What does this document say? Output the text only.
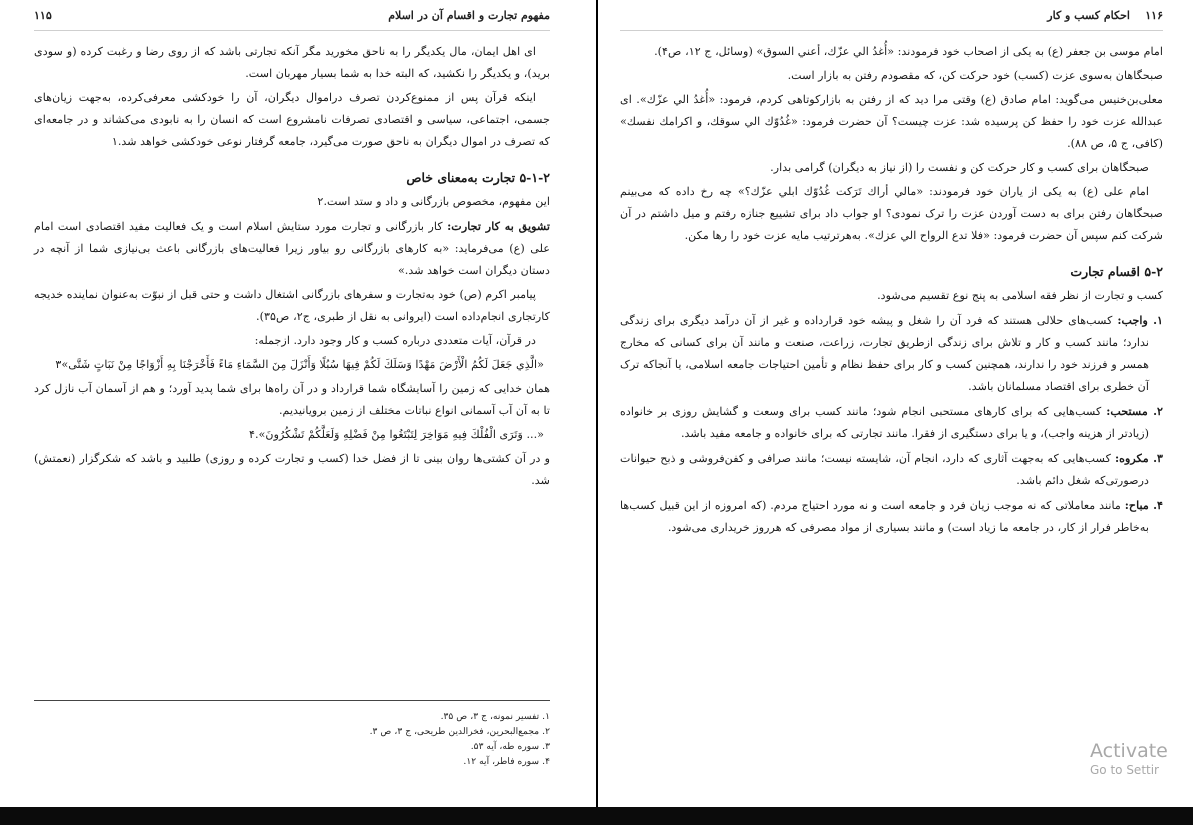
مفهوم تجارت و اقسام آن در اسلام
۱۱۵

ای اهل ایمان، مال یکدیگر را به ناحق مخورید مگر آنکه تجارتی باشد که از روی رضا و رغبت کرده (و سودی برید)، و یکدیگر را نکشید، که البته خدا به شما بسیار مهربان است.

اینکه قرآن پس از ممنوع‌کردن تصرف دراموال دیگران، آن را خودکشی معرفی‌کرده، به‌جهت زیان‌های جسمی، اجتماعی، سیاسی و اقتصادی تصرفات نامشروع است که انسان را به نابودی می‌کشاند و در جامعه‌ای که تصرف در اموال دیگران به ناحق صورت می‌گیرد، جامعه گرفتار نوعی خودکشی خواهد شد.۱

۵-۱-۲ تجارت به‌معنای خاص

این مفهوم، مخصوص بازرگانی و داد و ستد است.۲

تشویق به کار تجارت: کار بازرگانی و تجارت مورد ستایش اسلام است و یک فعالیت مفید اقتصادی است امام علی (ع) می‌فرماید: «به کارهای بازرگانی رو بیاور زیرا فعالیت‌های بازرگانی باعث بی‌نیازی شما از آنچه در دستان دیگران است خواهد شد.»

پیامبر اکرم (ص) خود به‌تجارت و سفرهای بازرگانی اشتغال داشت و حتی قبل از نبوّت به‌عنوان نماینده خدیجه کارتجاری انجام‌داده است (ایروانی به نقل از طبری، ج۲، ص۳۵).

در قرآن، آیات متعددی درباره کسب و کار وجود دارد. ازجمله:

«الَّذِي جَعَلَ لَكُمُ الْأَرْضَ مَهْدًا وَسَلَكَ لَكُمْ فِيهَا سُبُلًا وَأَنْزَلَ مِنَ السَّمَاءِ مَاءً فَأَخْرَجْنَا بِهِ أَزْوَاجًا مِنْ نَبَاتٍ شَتَّى»۳

همان خدایی که زمین را آسایشگاه شما قرارداد و در آن راه‌ها برای شما پدید آورد؛ و هم از آسمان آب نازل کرد تا به آن آب آسمانی انواع نباتات مختلف از زمین برویانیدیم.

«... وَتَرَى الْفُلْكَ فِيهِ مَوَاخِرَ لِتَبْتَغُوا مِنْ فَضْلِهِ وَلَعَلَّكُمْ تَشْكُرُونَ».۴

و در آن کشتی‌ها روان بینی تا از فضل خدا (کسب و تجارت کرده و روزی) طلبید و باشد که شکرگزار (نعمتش) شد.

۱. تفسیر نمونه، ج ۳، ص ۳۵.
۲. مجمع‌البحرین، فخرالدین طریحی، ج ۳، ص ۳.
۳. سوره طه، آیه ۵۳.
۴. سوره فاطر، آیه ۱۲.
۱۱۶    احکام کسب و کار

امام موسی بن جعفر (ع) به یکی از اصحاب خود فرمودند: «أُغدُ الي عزّك، أعني السوق» (وسائل، ج ۱۲، ص۴).

صبحگاهان به‌سوی عزت (کسب) خود حرکت کن، که مقصودم رفتن به بازار است.

معلی‌بن‌خنیس می‌گوید: امام صادق (ع) وقتی مرا دید که از رفتن به بازارکوتاهی کردم، فرمود: «أُغدُ الي عزّك». ای عبدالله عزت خود را حفظ کن پرسیده شد: عزت چیست؟ آن حضرت فرمود: «غُدُوّك الي سوقك، و اكرامك نفسك» (کافی، ج ۵، ص ۸۸).

صبحگاهان برای کسب و کار حرکت کن و نفست را (از نیاز به دیگران) گرامی بدار.

امام علی (ع) به یکی از یاران خود فرمودند: «مالي أراك تَرَكت غُدُوّك ابلي عزّك؟» چه رخ داده که می‌بینم صبحگاهان رفتن برای به دست آوردن عزت را ترک نمودی؟ او جواب داد برای تشییع جنازه رفتم و میل داشتم در آن شرکت کنم سپس آن حضرت فرمود: «فلا تدع الرواح الي عزك». به‌هرترتیب مایه عزت خود را رها مکن.

۵-۲ اقسام تجارت

کسب و تجارت از نظر فقه اسلامی به پنج نوع تقسیم می‌شود.

۱. واجب: کسب‌های حلالی هستند که فرد آن را شغل و پیشه خود قرارداده و غیر از آن درآمد دیگری برای زندگی ندارد؛ مانند کسب و کار و تلاش برای زندگی ازطریق تجارت، زراعت، صنعت و مانند آن برای کسانی که مخارج همسر و فرزند خود را ندارند، همچنین کسب و کار برای حفظ نظام و تأمین احتیاجات جامعه اسلامی، یا آنجاکه ترک آن خطری برای اقتصاد مسلمانان باشد.

۲. مستحب: کسب‌هایی که برای کارهای مستحبی انجام شود؛ مانند کسب برای وسعت و گشایش روزی بر خانواده (زیادتر از هزینه واجب)، و یا برای دستگیری از فقرا. مانند تجارتی که برای خانواده و جامعه مفید باشد.

۳. مکروه: کسب‌هایی که به‌جهت آثاری که دارد، انجام آن، شایسته نیست؛ مانند صرافی و کفن‌فروشی و ذبح حیوانات درصورتی‌که شغل دائم باشد.

۴. مباح: مانند معاملاتی که نه موجب زیان فرد و جامعه است و نه مورد احتیاج مردم. (که امروزه از این قبیل کسب‌ها به‌خاطر فرار از کار، در جامعه ما زیاد است) و مانند بسیاری از مواد مصرفی که هرروز خریداری می‌شود.

Activate
Go to Settir
